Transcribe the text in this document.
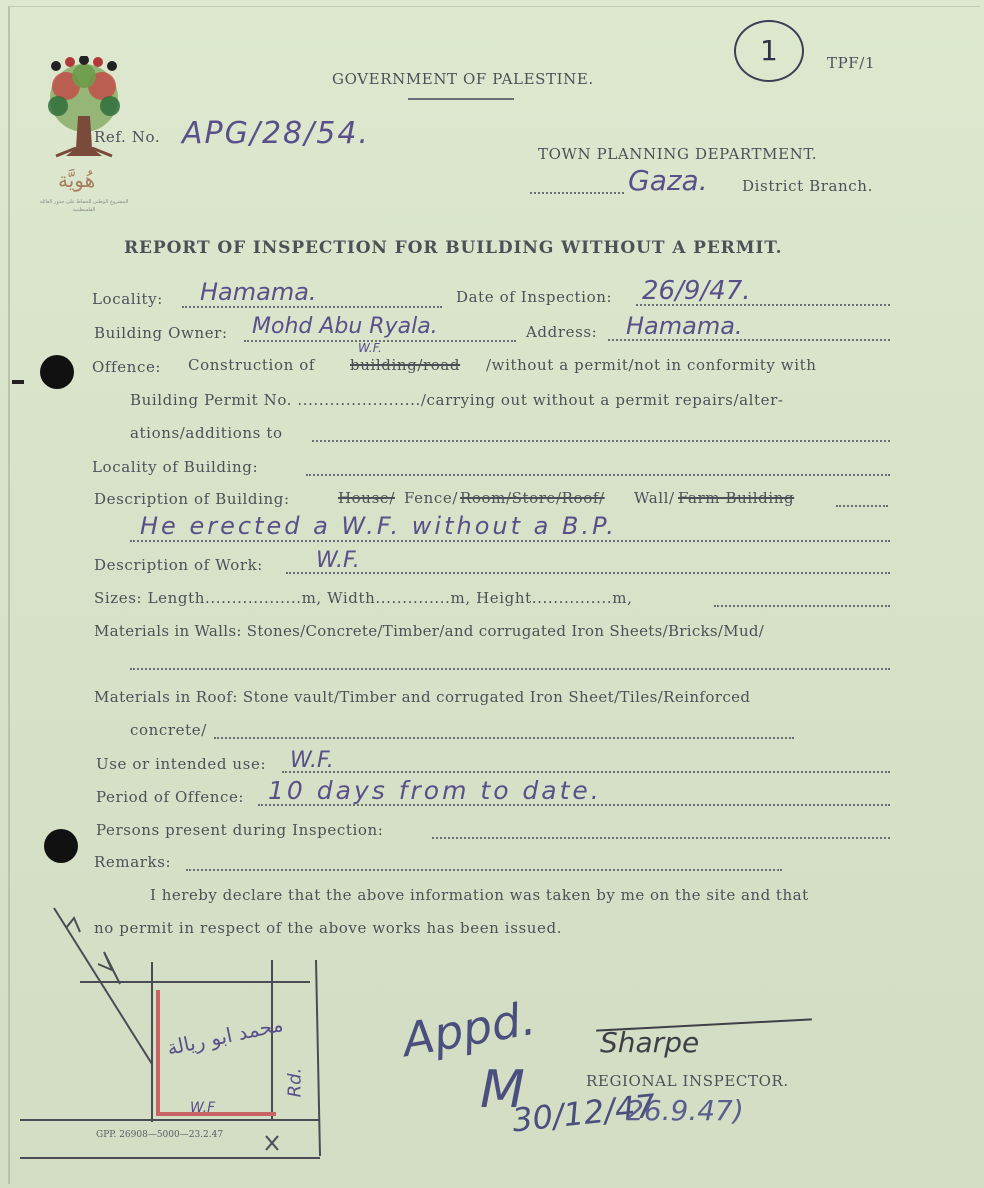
هُويَّة
المشروع الوطني للحفاظ على جذور العائلة الفلسطينية
GOVERNMENT OF PALESTINE.
1	TPF/1
Ref. No. APG/28/54.
TOWN PLANNING DEPARTMENT.
Gaza. District Branch.
REPORT OF INSPECTION FOR BUILDING WITHOUT A PERMIT.
Locality: Hamama.	Date of Inspection: 26/9/47.
Building Owner: Mohd Abu Ryala.	Address: Hamama.
Offence: Construction of building/road
W.F.
/without a permit/not in conformity with
Building Permit No. ......................./carrying out without a permit repairs/alter-
ations/additions to
Locality of Building:
Description of Building:	House/ Fence/ Room/Store/Roof/ Wall/ Farm Building
He erected a W.F. without a B.P.
Description of Work: W.F.
Sizes: Length..................m, Width..............m, Height...............m,
Materials in Walls: Stones/Concrete/Timber/and corrugated Iron Sheets/Bricks/Mud/
Materials in Roof: Stone vault/Timber and corrugated Iron Sheet/Tiles/Reinforced
concrete/
Use or intended use: W.F.
Period of Offence: 10 days from to date.
Persons present during Inspection:
Remarks:
I hereby declare that the above information was taken by me on the site and that
no permit in respect of the above works has been issued.
محمد ابو ريالة
W.F
Rd.
GPP. 26908—5000—23.2.47
Appd.
M
30/12/47
26.9.47)
Sharpe
REGIONAL INSPECTOR.
